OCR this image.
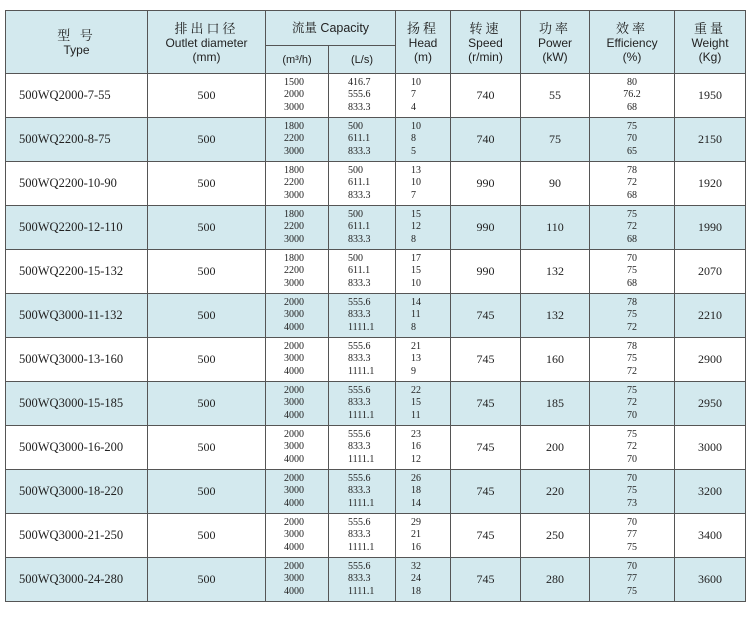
型 号
Type	排出口径
Outlet diameter
(mm)	流量 Capacity		扬程
Head
(m)	转速
Speed
(r/min)	功率
Power
(kW)	效率
Efficiency
(%)	重量
Weight
(Kg)

		(m³/h)	(L/s)					
500WQ2000-7-55	500	1500
2000
3000	416.7
555.6
833.3	10
7
4	740	55	80
76.2
68	1950
500WQ2200-8-75	500	1800
2200
3000	500
611.1
833.3	10
8
5	740	75	75
70
65	2150
500WQ2200-10-90	500	1800
2200
3000	500
611.1
833.3	13
10
7	990	90	78
72
68	1920
500WQ2200-12-110	500	1800
2200
3000	500
611.1
833.3	15
12
8	990	110	75
72
68	1990
500WQ2200-15-132	500	1800
2200
3000	500
611.1
833.3	17
15
10	990	132	70
75
68	2070
500WQ3000-11-132	500	2000
3000
4000	555.6
833.3
1111.1	14
11
8	745	132	78
75
72	2210
500WQ3000-13-160	500	2000
3000
4000	555.6
833.3
1111.1	21
13
9	745	160	78
75
72	2900
500WQ3000-15-185	500	2000
3000
4000	555.6
833.3
1111.1	22
15
11	745	185	75
72
70	2950
500WQ3000-16-200	500	2000
3000
4000	555.6
833.3
1111.1	23
16
12	745	200	75
72
70	3000
500WQ3000-18-220	500	2000
3000
4000	555.6
833.3
1111.1	26
18
14	745	220	70
75
73	3200
500WQ3000-21-250	500	2000
3000
4000	555.6
833.3
1111.1	29
21
16	745	250	70
77
75	3400
500WQ3000-24-280	500	2000
3000
4000	555.6
833.3
1111.1	32
24
18	745	280	70
77
75	3600
